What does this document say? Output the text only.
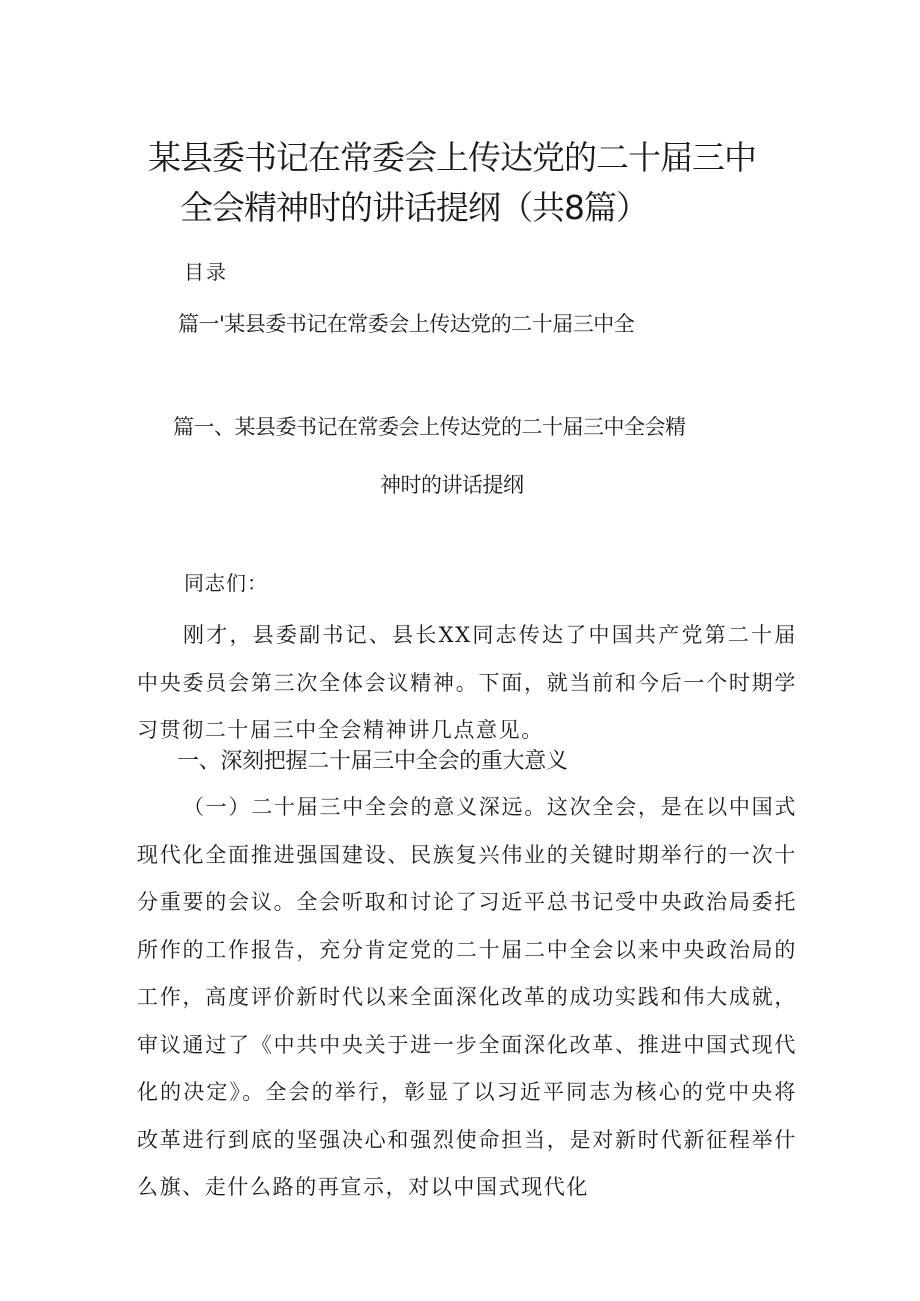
某县委书记在常委会上传达党的二十届三中
全会精神时的讲话提纲（共8篇）
目录
篇一'某县委书记在常委会上传达党的二十届三中全
篇一、某县委书记在常委会上传达党的二十届三中全会精
神时的讲话提纲
同志们：
刚才，县委副书记、县长XX同志传达了中国共产党第二十届中央委员会第三次全体会议精神。下面，就当前和今后一个时期学习贯彻二十届三中全会精神讲几点意见。
一、深刻把握二十届三中全会的重大意义
（一）二十届三中全会的意义深远。这次全会，是在以中国式现代化全面推进强国建设、民族复兴伟业的关键时期举行的一次十分重要的会议。全会听取和讨论了习近平总书记受中央政治局委托所作的工作报告，充分肯定党的二十届二中全会以来中央政治局的工作，高度评价新时代以来全面深化改革的成功实践和伟大成就，审议通过了《中共中央关于进一步全面深化改革、推进中国式现代化的决定》。全会的举行，彰显了以习近平同志为核心的党中央将改革进行到底的坚强决心和强烈使命担当，是对新时代新征程举什么旗、走什么路的再宣示，对以中国式现代化
